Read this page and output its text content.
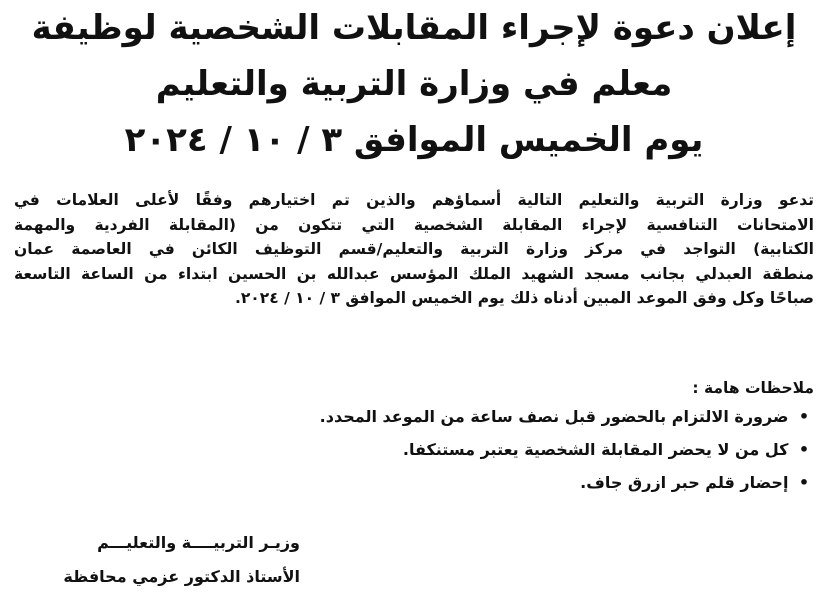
إعلان دعوة لإجراء المقابلات الشخصية لوظيفة
معلم في وزارة التربية والتعليم
يوم الخميس الموافق ٣ / ١٠ / ٢٠٢٤
تدعو وزارة التربية والتعليم التالية أسماؤهم والذين تم اختيارهم وفقًا لأعلى العلامات في
الامتحانات التنافسية لإجراء المقابلة الشخصية التي تتكون من (المقابلة الفردية والمهمة
الكتابية) التواجد في مركز وزارة التربية والتعليم/قسم التوظيف الكائن في العاصمة عمان
منطقة العبدلي بجانب مسجد الشهيد الملك المؤسس عبدالله بن الحسين ابتداء من الساعة التاسعة
صباحًا وكل وفق الموعد المبين أدناه ذلك يوم الخميس الموافق ٣ / ١٠ / ٢٠٢٤.
ملاحظات هامة :
• ضرورة الالتزام بالحضور قبل نصف ساعة من الموعد المحدد.
• كل من لا يحضر المقابلة الشخصية يعتبر مستنكفا.
• إحضار قلم حبر ازرق جاف.
وزيـر التربيــــة والتعليـــم
الأستاذ الدكتور عزمي محافظة
